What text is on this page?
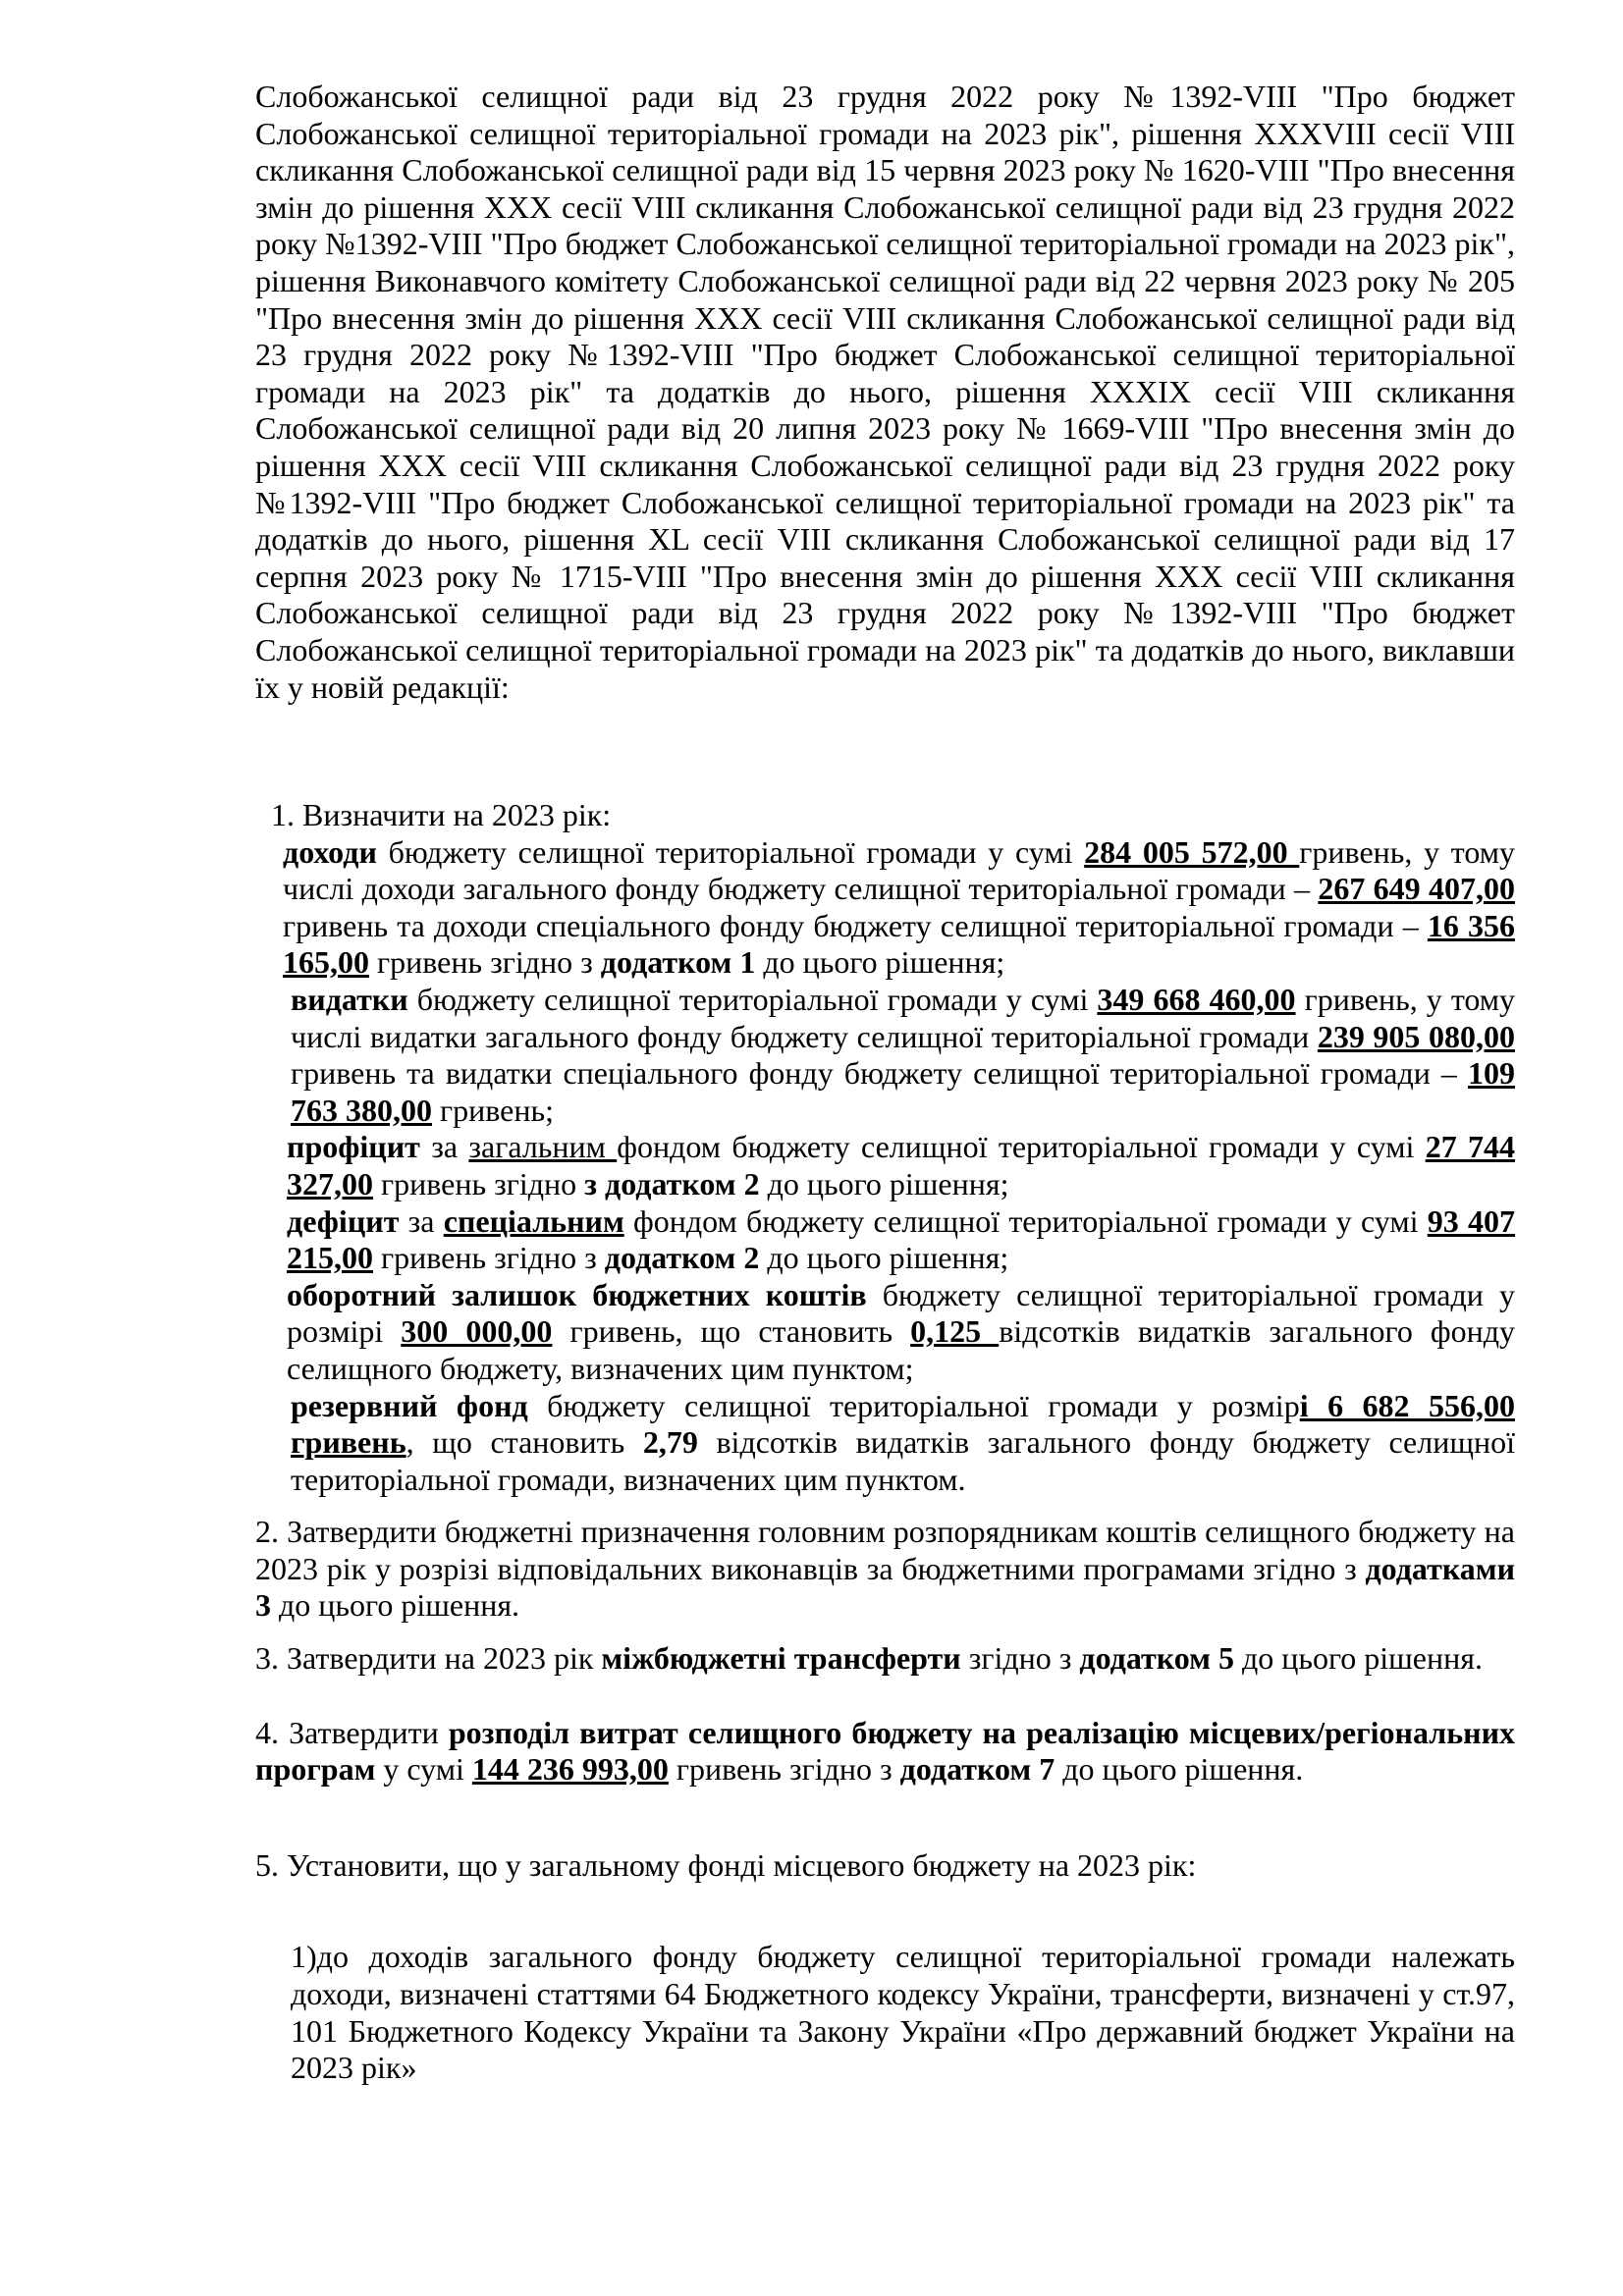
Слобожанської селищної ради від 23 грудня 2022 року №1392-VIII "Про бюджет Слобожанської селищної територіальної громади на 2023 рік", рішення XXXVIII сесії VIII скликання Слобожанської селищної ради від 15 червня 2023 року № 1620-VIII "Про внесення змін до рішення XXX сесії VIII скликання Слобожанської селищної ради від 23 грудня 2022 року №1392-VIII "Про бюджет Слобожанської селищної територіальної громади на 2023 рік", рішення Виконавчого комітету Слобожанської селищної ради від 22 червня 2023 року № 205 "Про внесення змін до рішення XXX сесії VIII скликання Слобожанської селищної ради від 23 грудня 2022 року №1392-VIII "Про бюджет Слобожанської селищної територіальної громади на 2023 рік" та додатків до нього, рішення XXXIX сесії VIII скликання Слобожанської селищної ради від 20 липня 2023 року № 1669-VIII "Про внесення змін до рішення XXX сесії VIII скликання Слобожанської селищної ради від 23 грудня 2022 року №1392-VIII "Про бюджет Слобожанської селищної територіальної громади на 2023 рік" та додатків до нього, рішення XL сесії VIII скликання Слобожанської селищної ради від 17 серпня 2023 року № 1715-VIII "Про внесення змін до рішення XXX сесії VIII скликання Слобожанської селищної ради від 23 грудня 2022 року №1392-VIII "Про бюджет Слобожанської селищної територіальної громади на 2023 рік" та додатків до нього, виклавши їх у новій редакції:

1. Визначити на 2023 рік:

доходи бюджету селищної територіальної громади у сумі 284 005 572,00 гривень, у тому числі доходи загального фонду бюджету селищної територіальної громади – 267 649 407,00 гривень та доходи спеціального фонду бюджету селищної територіальної громади – 16 356 165,00 гривень згідно з додатком 1 до цього рішення;

видатки бюджету селищної територіальної громади у сумі 349 668 460,00 гривень, у тому числі видатки загального фонду бюджету селищної територіальної громади 239 905 080,00 гривень та видатки спеціального фонду бюджету селищної територіальної громади – 109 763 380,00 гривень;

профіцит за загальним фондом бюджету селищної територіальної громади у сумі 27 744 327,00 гривень згідно з додатком 2 до цього рішення;

дефіцит за спеціальним фондом бюджету селищної територіальної громади у сумі 93 407 215,00 гривень згідно з додатком 2 до цього рішення;

оборотний залишок бюджетних коштів бюджету селищної територіальної громади у розмірі 300 000,00 гривень, що становить 0,125 відсотків видатків загального фонду селищного бюджету, визначених цим пунктом;

резервний фонд бюджету селищної територіальної громади у розмірі 6 682 556,00 гривень, що становить 2,79 відсотків видатків загального фонду бюджету селищної територіальної громади, визначених цим пунктом.

2. Затвердити бюджетні призначення головним розпорядникам коштів селищного бюджету на 2023 рік у розрізі відповідальних виконавців за бюджетними програмами згідно з додатками 3 до цього рішення.

3. Затвердити на 2023 рік міжбюджетні трансферти згідно з додатком 5 до цього рішення.

4. Затвердити розподіл витрат селищного бюджету на реалізацію місцевих/регіональних програм у сумі 144 236 993,00 гривень згідно з додатком 7 до цього рішення.

5. Установити, що у загальному фонді місцевого бюджету на 2023 рік:

1)до доходів загального фонду бюджету селищної територіальної громади належать доходи, визначені статтями 64 Бюджетного кодексу України, трансферти, визначені у ст.97, 101 Бюджетного Кодексу України та Закону України «Про державний бюджет України на 2023 рік»
